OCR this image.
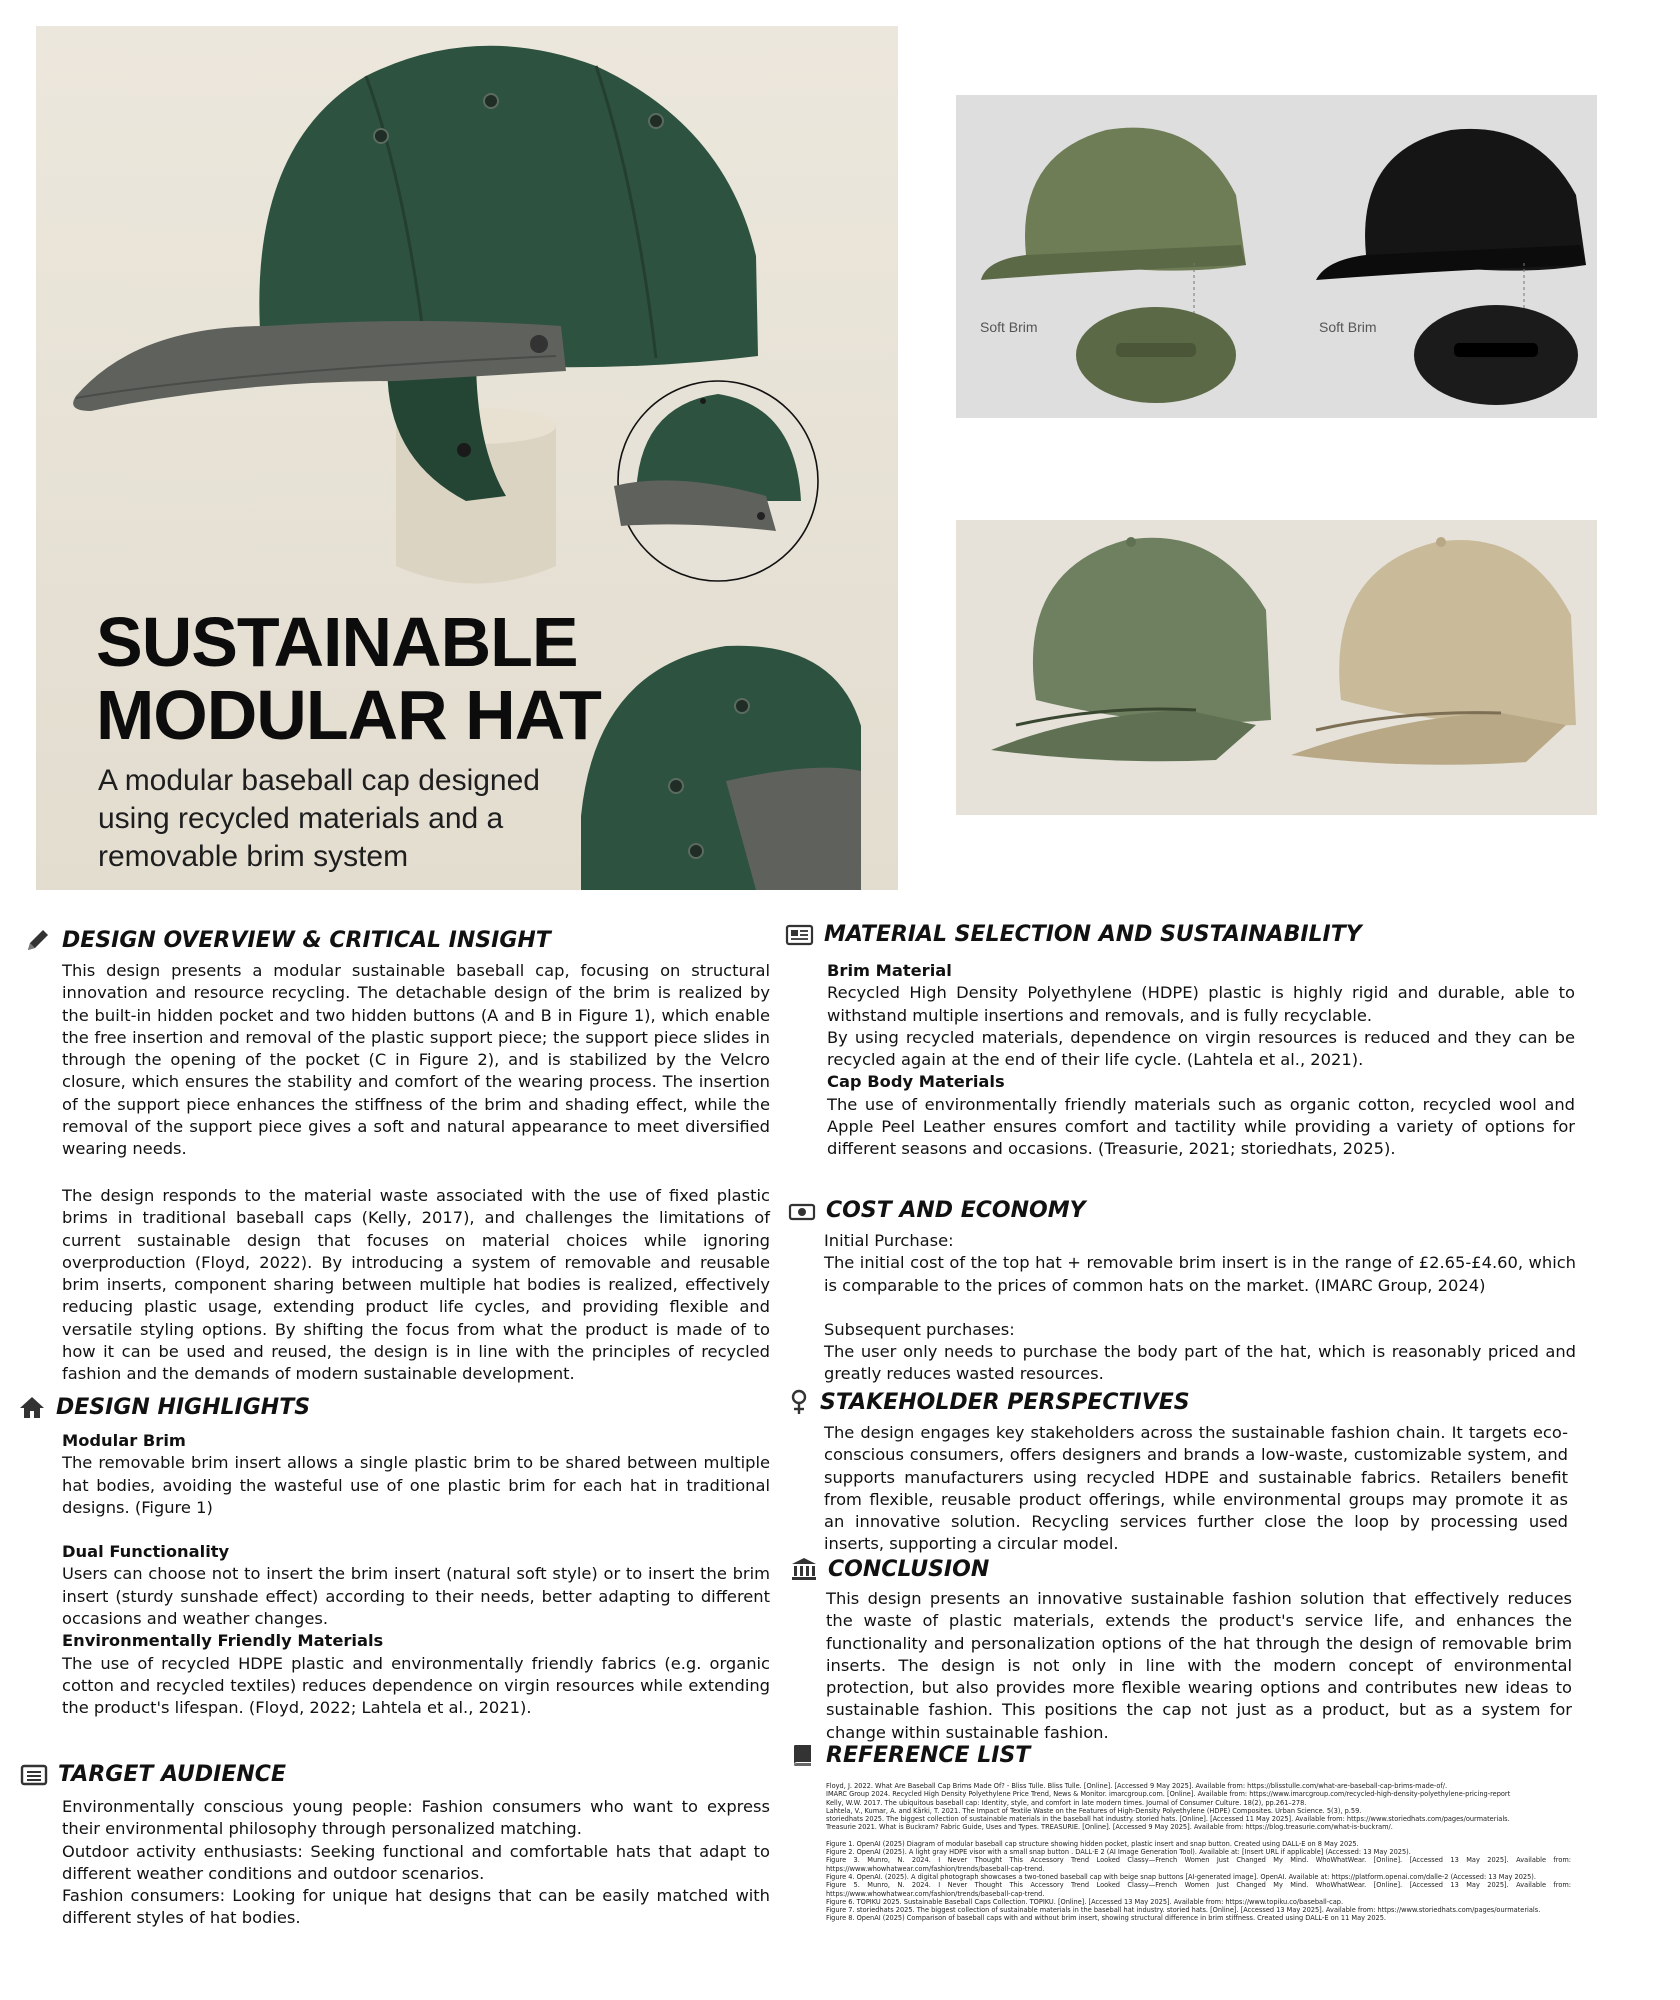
SUSTAINABLE
MODULAR HAT

A modular baseball cap designed using recycled materials and a removable brim system

Soft Brim	Soft Brim
DESIGN OVERVIEW & CRITICAL INSIGHT

This design presents a modular sustainable baseball cap, focusing on structural innovation and resource recycling. The detachable design of the brim is realized by the built-in hidden pocket and two hidden buttons (A and B in Figure 1), which enable the free insertion and removal of the plastic support piece; the support piece slides in through the opening of the pocket (C in Figure 2), and is stabilized by the Velcro closure, which ensures the stability and comfort of the wearing process. The insertion of the support piece enhances the stiffness of the brim and shading effect, while the removal of the support piece gives a soft and natural appearance to meet diversified wearing needs.

The design responds to the material waste associated with the use of fixed plastic brims in traditional baseball caps (Kelly, 2017), and challenges the limitations of current sustainable design that focuses on material choices while ignoring overproduction (Floyd, 2022). By introducing a system of removable and reusable brim inserts, component sharing between multiple hat bodies is realized, effectively reducing plastic usage, extending product life cycles, and providing flexible and versatile styling options. By shifting the focus from what the product is made of to how it can be used and reused, the design is in line with the principles of recycled fashion and the demands of modern sustainable development.

DESIGN HIGHLIGHTS

Modular Brim

The removable brim insert allows a single plastic brim to be shared between multiple hat bodies, avoiding the wasteful use of one plastic brim for each hat in traditional designs. (Figure 1)

Dual Functionality

Users can choose not to insert the brim insert (natural soft style) or to insert the brim insert (sturdy sunshade effect) according to their needs, better adapting to different occasions and weather changes.

Environmentally Friendly Materials

The use of recycled HDPE plastic and environmentally friendly fabrics (e.g. organic cotton and recycled textiles) reduces dependence on virgin resources while extending the product's lifespan. (Floyd, 2022; Lahtela et al., 2021).

TARGET AUDIENCE

Environmentally conscious young people: Fashion consumers who want to express their environmental philosophy through personalized matching.
Outdoor activity enthusiasts: Seeking functional and comfortable hats that adapt to different weather conditions and outdoor scenarios.
Fashion consumers: Looking for unique hat designs that can be easily matched with different styles of hat bodies.

MATERIAL SELECTION AND SUSTAINABILITY

Brim Material

Recycled High Density Polyethylene (HDPE) plastic is highly rigid and durable, able to withstand multiple insertions and removals, and is fully recyclable.
By using recycled materials, dependence on virgin resources is reduced and they can be recycled again at the end of their life cycle. (Lahtela et al., 2021).

Cap Body Materials

The use of environmentally friendly materials such as organic cotton, recycled wool and Apple Peel Leather ensures comfort and tactility while providing a variety of options for different seasons and occasions. (Treasurie, 2021; storiedhats, 2025).

COST AND ECONOMY

Initial Purchase:

The initial cost of the top hat + removable brim insert is in the range of £2.65-£4.60, which is comparable to the prices of common hats on the market. (IMARC Group, 2024)

Subsequent purchases:

The user only needs to purchase the body part of the hat, which is reasonably priced and greatly reduces wasted resources.

STAKEHOLDER PERSPECTIVES

The design engages key stakeholders across the sustainable fashion chain. It targets eco-conscious consumers, offers designers and brands a low-waste, customizable system, and supports manufacturers using recycled HDPE and sustainable fabrics. Retailers benefit from flexible, reusable product offerings, while environmental groups may promote it as an innovative solution. Recycling services further close the loop by processing used inserts, supporting a circular model.

CONCLUSION

This design presents an innovative sustainable fashion solution that effectively reduces the waste of plastic materials, extends the product's service life, and enhances the functionality and personalization options of the hat through the design of removable brim inserts. The design is not only in line with the modern concept of environmental protection, but also provides more flexible wearing options and contributes new ideas to sustainable fashion. This positions the cap not just as a product, but as a system for change within sustainable fashion.

REFERENCE LIST

Floyd, J. 2022. What Are Baseball Cap Brims Made Of? - Bliss Tulle. Bliss Tulle. [Online]. [Accessed 9 May 2025]. Available from: https://blisstulle.com/what-are-baseball-cap-brims-made-of/.

IMARC Group 2024. Recycled High Density Polyethylene Price Trend, News & Monitor. imarcgroup.com. [Online]. Available from: https://www.imarcgroup.com/recycled-high-density-polyethylene-pricing-report

Kelly, W.W. 2017. The ubiquitous baseball cap: Identity, style, and comfort in late modern times. Journal of Consumer Culture. 18(2), pp.261–278.

Lahtela, V., Kumar, A. and Kärki, T. 2021. The Impact of Textile Waste on the Features of High-Density Polyethylene (HDPE) Composites. Urban Science. 5(3), p.59.

storiedhats 2025. The biggest collection of sustainable materials in the baseball hat industry. storied hats. [Online]. [Accessed 11 May 2025]. Available from: https://www.storiedhats.com/pages/ourmaterials.

Treasurie 2021. What is Buckram? Fabric Guide, Uses and Types. TREASURIE. [Online]. [Accessed 9 May 2025]. Available from: https://blog.treasurie.com/what-is-buckram/.

Figure 1. OpenAI (2025) Diagram of modular baseball cap structure showing hidden pocket, plastic insert and snap button. Created using DALL-E on 8 May 2025.

Figure 2. OpenAI (2025). A light gray HDPE visor with a small snap button . DALL·E 2 (AI Image Generation Tool). Available at: [Insert URL if applicable] (Accessed: 13 May 2025).

Figure 3. Munro, N. 2024. I Never Thought This Accessory Trend Looked Classy—French Women Just Changed My Mind. WhoWhatWear. [Online]. [Accessed 13 May 2025]. Available from: https://www.whowhatwear.com/fashion/trends/baseball-cap-trend.

Figure 4. OpenAI. (2025). A digital photograph showcases a two-toned baseball cap with beige snap buttons [AI-generated image]. OpenAI. Available at: https://platform.openai.com/dalle-2 (Accessed: 13 May 2025).

Figure 5. Munro, N. 2024. I Never Thought This Accessory Trend Looked Classy—French Women Just Changed My Mind. WhoWhatWear. [Online]. [Accessed 13 May 2025]. Available from: https://www.whowhatwear.com/fashion/trends/baseball-cap-trend.

Figure 6. TOPIKU 2025. Sustainable Baseball Caps Collection. TOPIKU. [Online]. [Accessed 13 May 2025]. Available from: https://www.topiku.co/baseball-cap.

Figure 7. storiedhats 2025. The biggest collection of sustainable materials in the baseball hat industry. storied hats. [Online]. [Accessed 13 May 2025]. Available from: https://www.storiedhats.com/pages/ourmaterials.

Figure 8. OpenAI (2025) Comparison of baseball caps with and without brim insert, showing structural difference in brim stiffness. Created using DALL-E on 11 May 2025.
